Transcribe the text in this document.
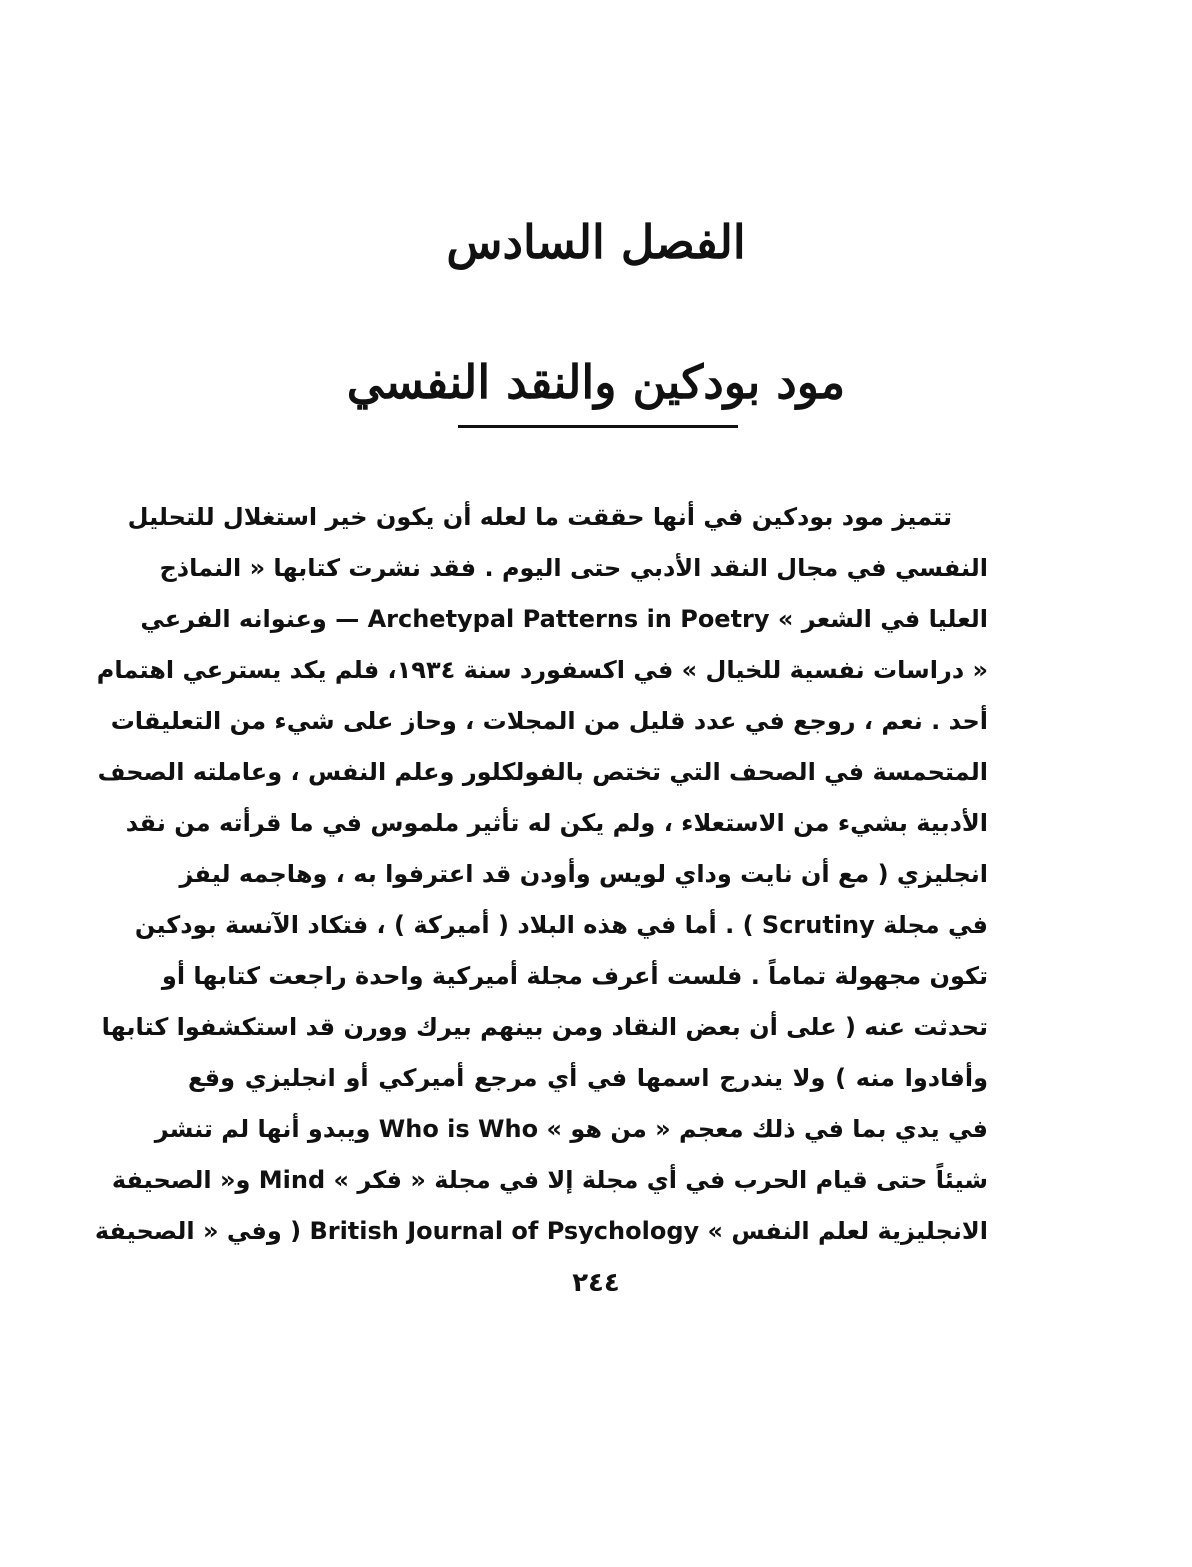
الفصل السادس
مود بودكين والنقد النفسي
تتميز مود بودكين في أنها حققت ما لعله أن يكون خير استغلال للتحليل
النفسي في مجال النقد الأدبي حتى اليوم . فقد نشرت كتابها « النماذج
العليا في الشعر » Archetypal Patterns in Poetry — وعنوانه الفرعي
« دراسات نفسية للخيال » في اكسفورد سنة ١٩٣٤، فلم يكد يسترعي اهتمام
أحد . نعم ، روجع في عدد قليل من المجلات ، وحاز على شيء من التعليقات
المتحمسة في الصحف التي تختص بالفولكلور وعلم النفس ، وعاملته الصحف
الأدبية بشيء من الاستعلاء ، ولم يكن له تأثير ملموس في ما قرأته من نقد
انجليزي ( مع أن نايت وداي لويس وأودن قد اعترفوا به ، وهاجمه ليفز
في مجلة Scrutiny ) . أما في هذه البلاد ( أميركة ) ، فتكاد الآنسة بودكين
تكون مجهولة تماماً . فلست أعرف مجلة أميركية واحدة راجعت كتابها أو
تحدثت عنه ( على أن بعض النقاد ومن بينهم بيرك وورن قد استكشفوا كتابها
وأفادوا منه ) ولا يندرج اسمها في أي مرجع أميركي أو انجليزي وقع
في يدي بما في ذلك معجم « من هو » Who is Who ويبدو أنها لم تنشر
شيئاً حتى قيام الحرب في أي مجلة إلا في مجلة « فكر » Mind و« الصحيفة
الانجليزية لعلم النفس » British Journal of Psychology ( وفي « الصحيفة
٢٤٤
